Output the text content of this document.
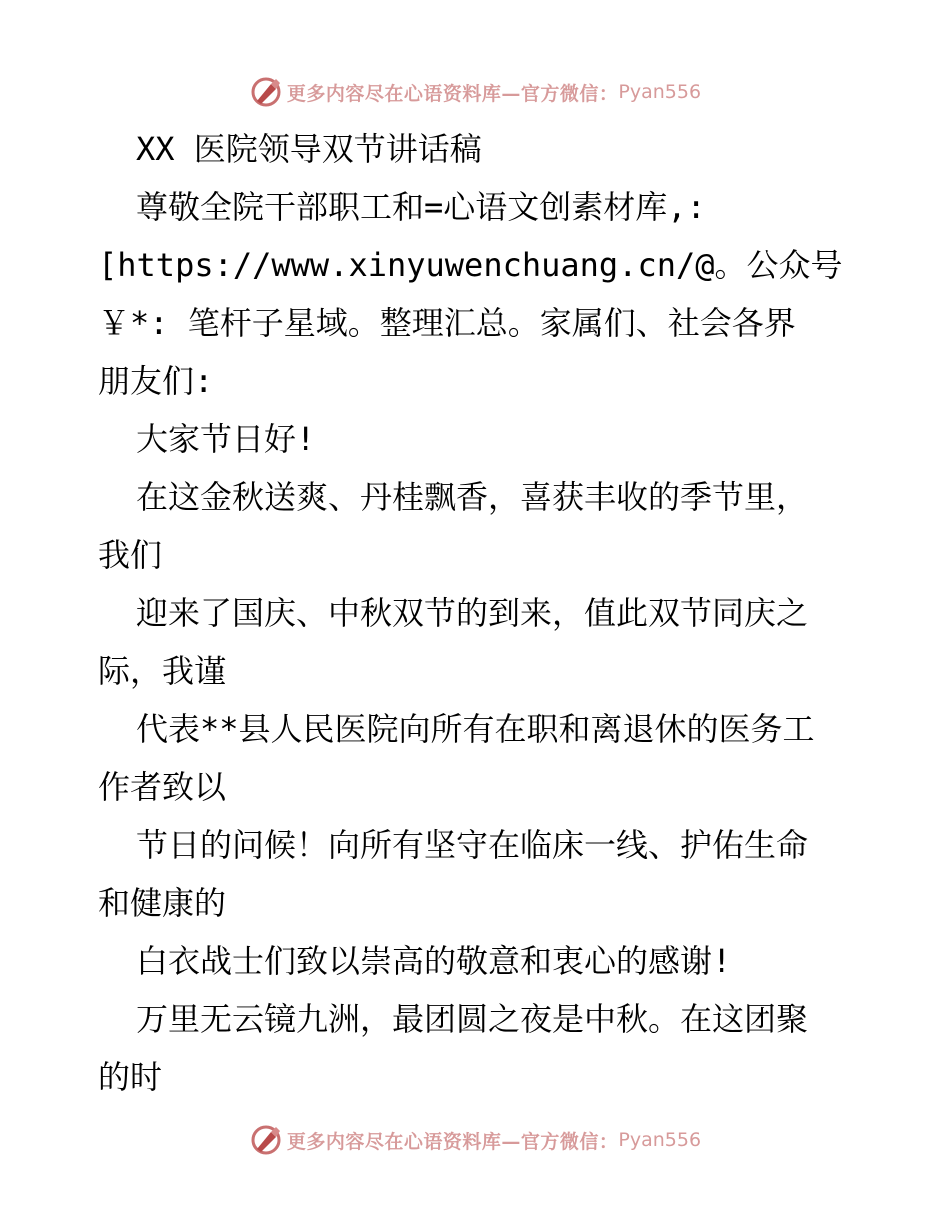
更多内容尽在心语资料库—官方微信： Pyan556
XX 医院领导双节讲话稿
尊敬全院干部职工和=心语文创素材库,:
[https://www.xinyuwenchuang.cn/@。公众号
￥*: 笔杆子星域。整理汇总。家属们、社会各界
朋友们:
大家节日好!
在这金秋送爽、丹桂飘香，喜获丰收的季节里，
我们
迎来了国庆、中秋双节的到来，值此双节同庆之
际，我谨
代表**县人民医院向所有在职和离退休的医务工
作者致以
节日的问候！向所有坚守在临床一线、护佑生命
和健康的
白衣战士们致以崇高的敬意和衷心的感谢!
万里无云镜九洲，最团圆之夜是中秋。在这团聚
的时
更多内容尽在心语资料库—官方微信： Pyan556
